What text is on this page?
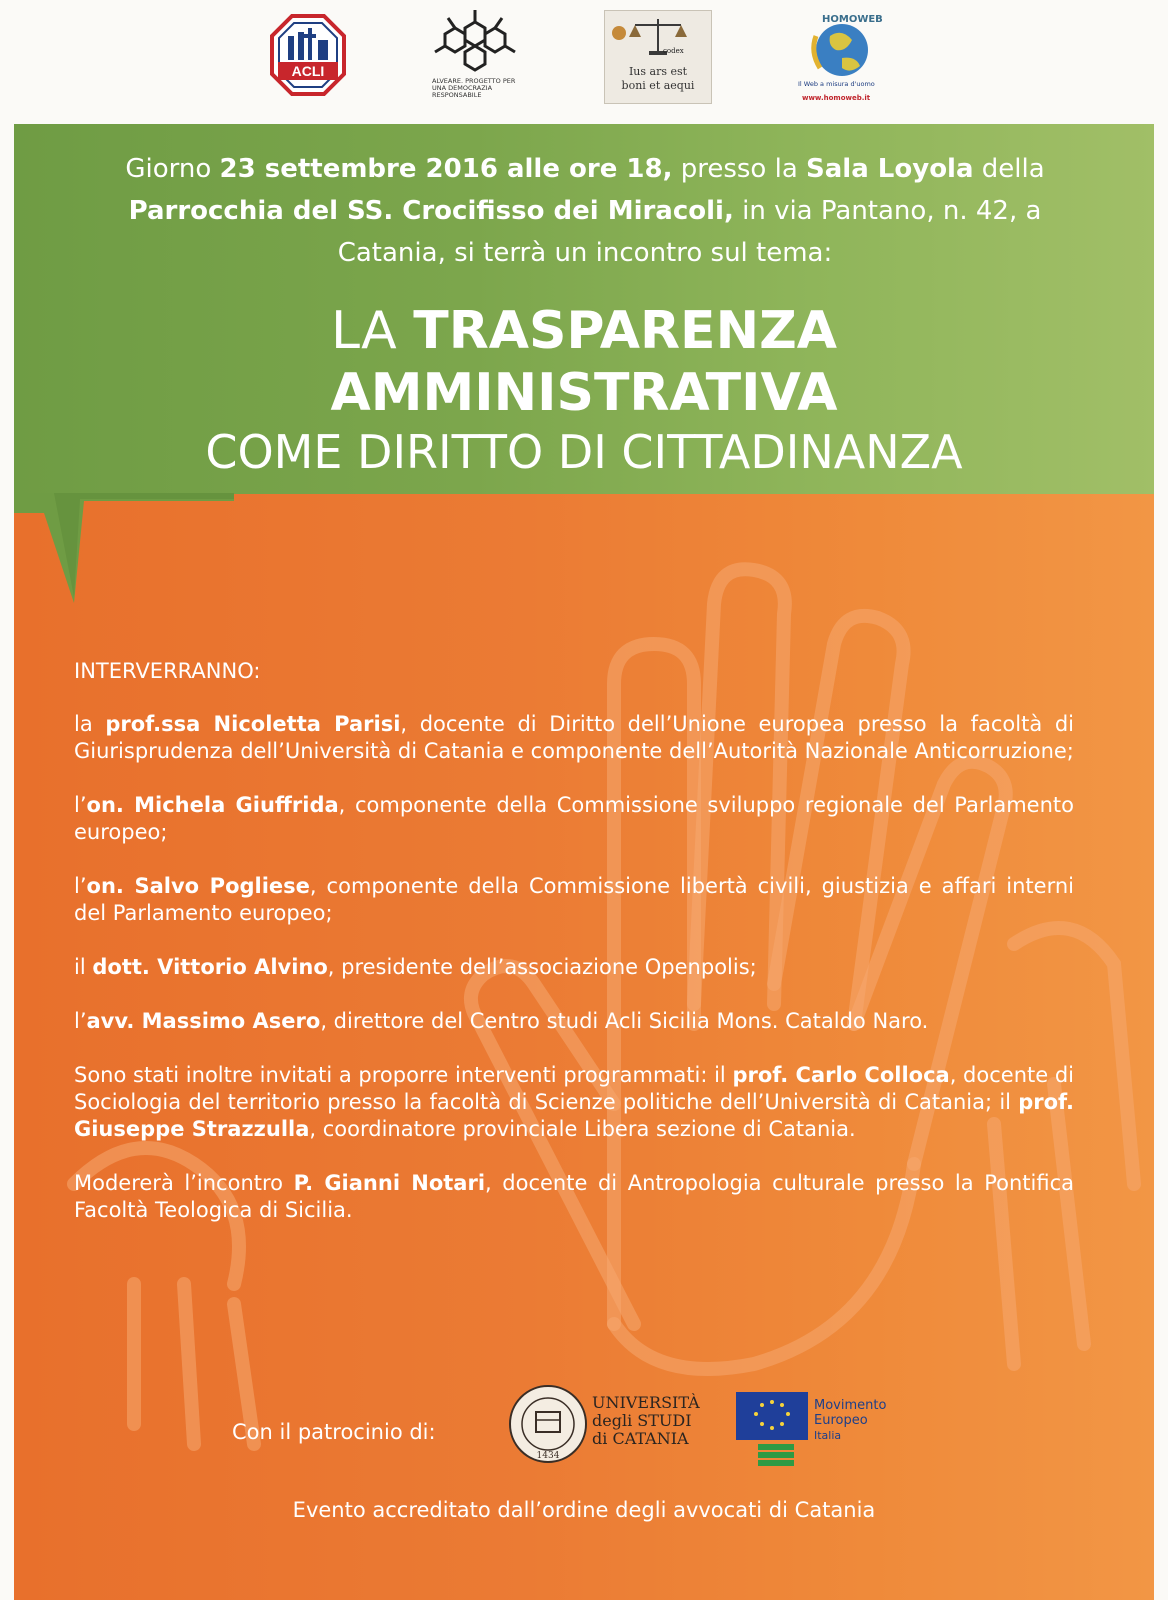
ACLI
ALVEARE. PROGETTO PER UNA DEMOCRAZIA RESPONSABILE
codex
Ius ars est
boni et aequi
HOMOWEB
Il Web a misura d'uomo
www.homoweb.it
Giorno 23 settembre 2016 alle ore 18, presso la Sala Loyola della Parrocchia del SS. Crocifisso dei Miracoli, in via Pantano, n. 42, a Catania, si terrà un incontro sul tema:
LA TRASPARENZA
AMMINISTRATIVA
COME DIRITTO DI CITTADINANZA
INTERVERRANNO:

la prof.ssa Nicoletta Parisi, docente di Diritto dell’Unione europea presso la facoltà di Giurisprudenza dell’Università di Catania e componente dell’Autorità Nazionale Anticorruzione;

l’on. Michela Giuffrida, componente della Commissione sviluppo regionale del Parlamento europeo;

l’on. Salvo Pogliese, componente della Commissione libertà civili, giustizia e affari interni del Parlamento europeo;

il dott. Vittorio Alvino, presidente dell’associazione Openpolis;

l’avv. Massimo Asero, direttore del Centro studi Acli Sicilia Mons. Cataldo Naro.

Sono stati inoltre invitati a proporre interventi programmati: il prof. Carlo Colloca, docente di Sociologia del territorio presso la facoltà di Scienze politiche dell’Università di Catania; il prof. Giuseppe Strazzulla, coordinatore provinciale Libera sezione di Catania.

Modererà l’incontro P. Gianni Notari, docente di Antropologia culturale presso la Pontifica Facoltà Teologica di Sicilia.

Con il patrocinio di:
1434
UNIVERSITÀ
degli STUDI
di CATANIA
Movimento
Europeo
Italia
Evento accreditato dall’ordine degli avvocati di Catania
